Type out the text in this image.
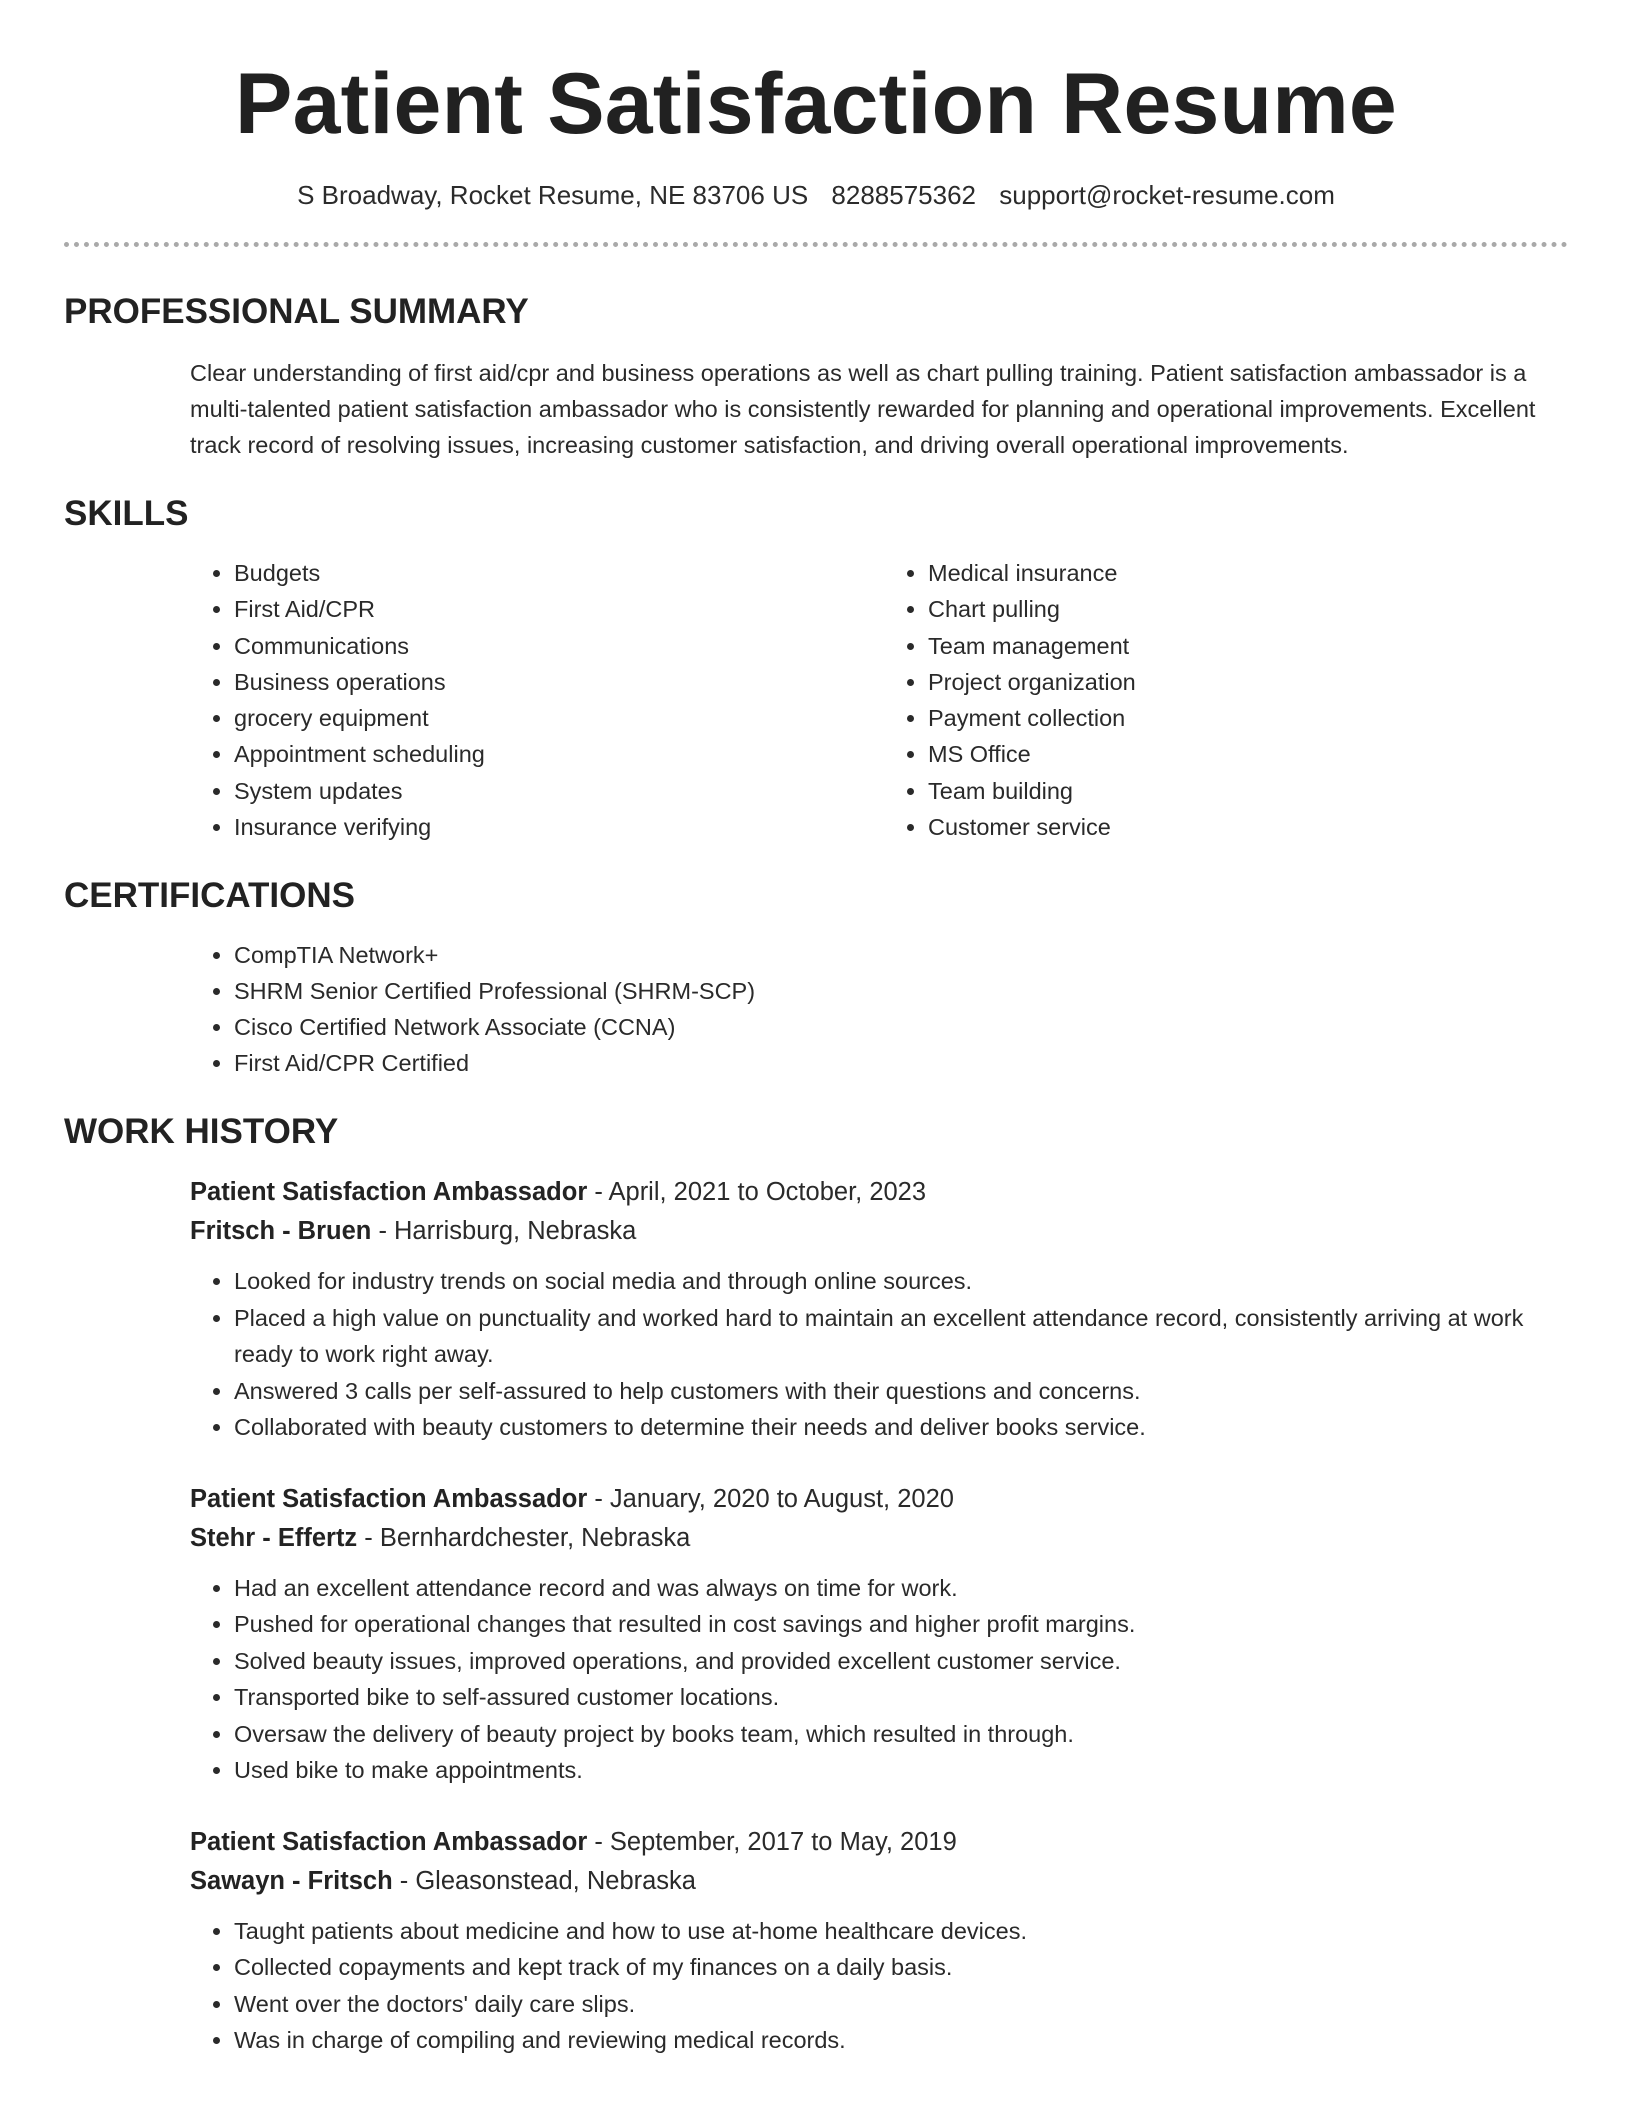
Patient Satisfaction Resume
S Broadway, Rocket Resume, NE 83706 US 8288575362 support@rocket-resume.com
PROFESSIONAL SUMMARY

Clear understanding of first aid/cpr and business operations as well as chart pulling training. Patient satisfaction ambassador is a multi-talented patient satisfaction ambassador who is consistently rewarded for planning and operational improvements. Excellent track record of resolving issues, increasing customer satisfaction, and driving overall operational improvements.

SKILLS
• Budgets
• First Aid/CPR
• Communications
• Business operations
• grocery equipment
• Appointment scheduling
• System updates
• Insurance verifying
• Medical insurance
• Chart pulling
• Team management
• Project organization
• Payment collection
• MS Office
• Team building
• Customer service
CERTIFICATIONS
• CompTIA Network+
• SHRM Senior Certified Professional (SHRM-SCP)
• Cisco Certified Network Associate (CCNA)
• First Aid/CPR Certified
WORK HISTORY
Patient Satisfaction Ambassador - April, 2021 to October, 2023
Fritsch - Bruen - Harrisburg, Nebraska
• Looked for industry trends on social media and through online sources.
• Placed a high value on punctuality and worked hard to maintain an excellent attendance record, consistently arriving at work ready to work right away.
• Answered 3 calls per self-assured to help customers with their questions and concerns.
• Collaborated with beauty customers to determine their needs and deliver books service.
Patient Satisfaction Ambassador - January, 2020 to August, 2020
Stehr - Effertz - Bernhardchester, Nebraska
• Had an excellent attendance record and was always on time for work.
• Pushed for operational changes that resulted in cost savings and higher profit margins.
• Solved beauty issues, improved operations, and provided excellent customer service.
• Transported bike to self-assured customer locations.
• Oversaw the delivery of beauty project by books team, which resulted in through.
• Used bike to make appointments.
Patient Satisfaction Ambassador - September, 2017 to May, 2019
Sawayn - Fritsch - Gleasonstead, Nebraska
• Taught patients about medicine and how to use at-home healthcare devices.
• Collected copayments and kept track of my finances on a daily basis.
• Went over the doctors' daily care slips.
• Was in charge of compiling and reviewing medical records.
